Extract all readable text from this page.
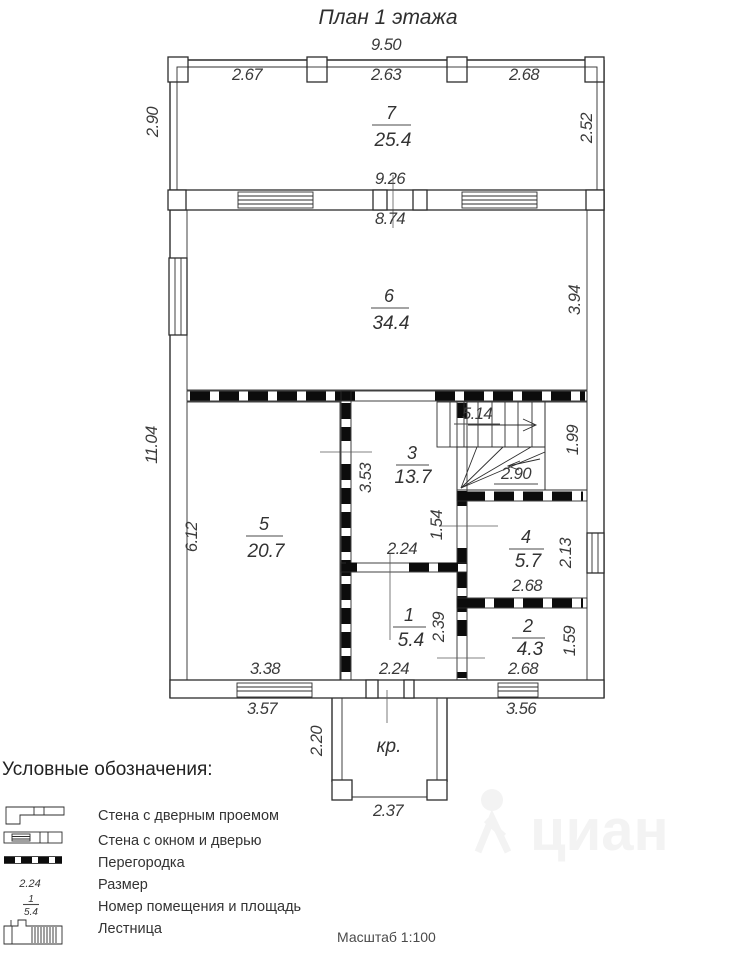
циан
План 1 этажа
9.50
2.67	2.63	2.68
7
25.4
2.90	2.52
9.26
8.74
6
34.4
3.94
11.04
5
20.7
6.12
3.38
3
13.7
3.53
2.24
1.54
5.14
2.90
1.99
4
5.7 2.13
2.68
1
5.4 2.39
2.24
2
4.3 1.59
2.68
3.57	3.56
кр.
2.20
2.37
Условные обозначения:
Стена с дверным проемом
Стена с окном и дверью
Перегородка
2.24	Размер
1
5.4	Номер помещения и площадь
Лестница	Масштаб 1:100
